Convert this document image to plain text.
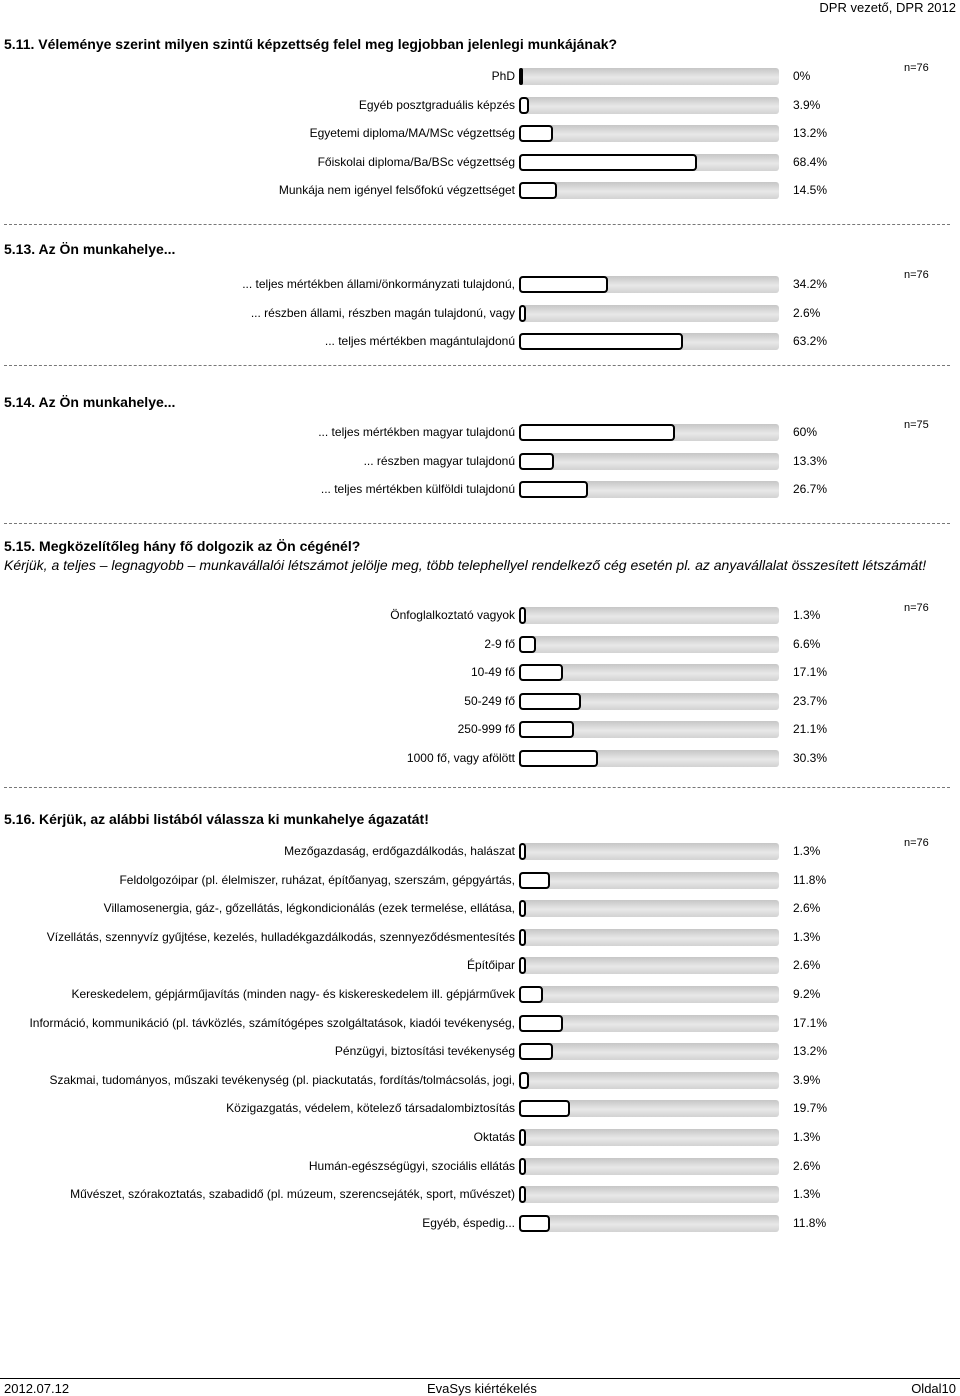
DPR vezető, DPR 2012
5.11. Véleménye szerint milyen szintű képzettség felel meg legjobban jelenlegi munkájának?
n=76
PhD	0%
Egyéb posztgraduális képzés	3.9%
Egyetemi diploma/MA/MSc végzettség	13.2%
Főiskolai diploma/Ba/BSc végzettség	68.4%
Munkája nem igényel felsőfokú végzettséget	14.5%
5.13. Az Ön munkahelye...
n=76
... teljes mértékben állami/önkormányzati tulajdonú,	34.2%
... részben állami, részben magán tulajdonú, vagy	2.6%
... teljes mértékben magántulajdonú	63.2%
5.14. Az Ön munkahelye...
n=75
... teljes mértékben magyar tulajdonú	60%
... részben magyar tulajdonú	13.3%
... teljes mértékben külföldi tulajdonú	26.7%
5.15. Megközelítőleg hány fő dolgozik az Ön cégénél?
Kérjük, a teljes – legnagyobb – munkavállalói létszámot jelölje meg, több telephellyel rendelkező cég esetén pl. az anyavállalat összesített létszámát!
n=76
Önfoglalkoztató vagyok	1.3%
2-9 fő	6.6%
10-49 fő	17.1%
50-249 fő	23.7%
250-999 fő	21.1%
1000 fő, vagy afölött	30.3%
5.16. Kérjük, az alábbi listából válassza ki munkahelye ágazatát!
n=76
Mezőgazdaság, erdőgazdálkodás, halászat	1.3%
Feldolgozóipar (pl. élelmiszer, ruházat, építőanyag, szerszám, gépgyártás,	11.8%
Villamosenergia, gáz-, gőzellátás, légkondicionálás (ezek termelése, ellátása,	2.6%
Vízellátás, szennyvíz gyűjtése, kezelés, hulladékgazdálkodás, szennyeződésmentesítés	1.3%
Építőipar	2.6%
Kereskedelem, gépjárműjavítás (minden nagy- és kiskereskedelem ill. gépjárművek	9.2%
Információ, kommunikáció (pl. távközlés, számítógépes szolgáltatások, kiadói tevékenység,	17.1%
Pénzügyi, biztosítási tevékenység	13.2%
Szakmai, tudományos, műszaki tevékenység (pl. piackutatás, fordítás/tolmácsolás, jogi,	3.9%
Közigazgatás, védelem, kötelező társadalombiztosítás	19.7%
Oktatás	1.3%
Humán-egészségügyi, szociális ellátás	2.6%
Művészet, szórakoztatás, szabadidő (pl. múzeum, szerencsejáték, sport, művészet)	1.3%
Egyéb, éspedig...	11.8%
2012.07.12	EvaSys kiértékelés	Oldal10
